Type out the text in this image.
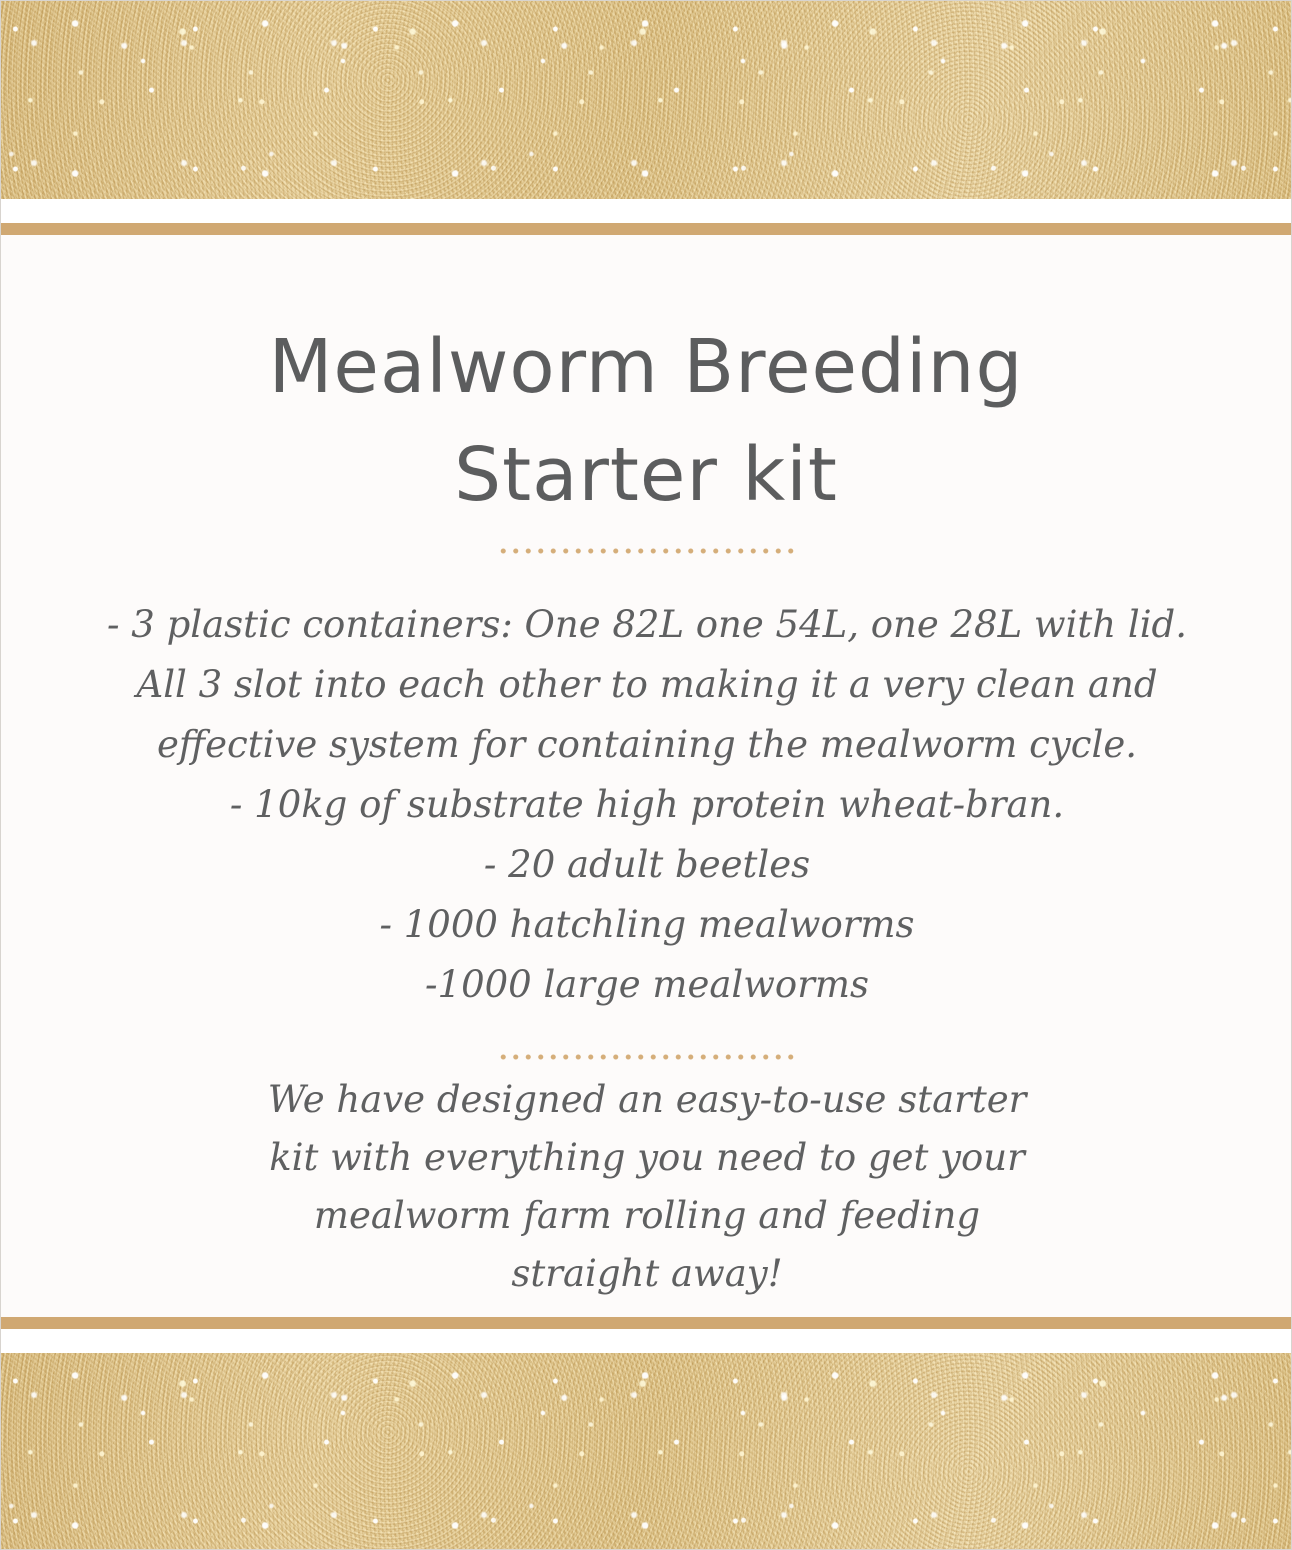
Mealworm Breeding
Starter kit
- 3 plastic containers: One 82L one 54L, one 28L with lid. All 3 slot into each other to making it a very clean and effective system for containing the mealworm cycle.
- 10kg of substrate high protein wheat-bran.
- 20 adult beetles
- 1000 hatchling mealworms
-1000 large mealworms

We have designed an easy-to-use starter kit with everything you need to get your mealworm farm rolling and feeding straight away!
